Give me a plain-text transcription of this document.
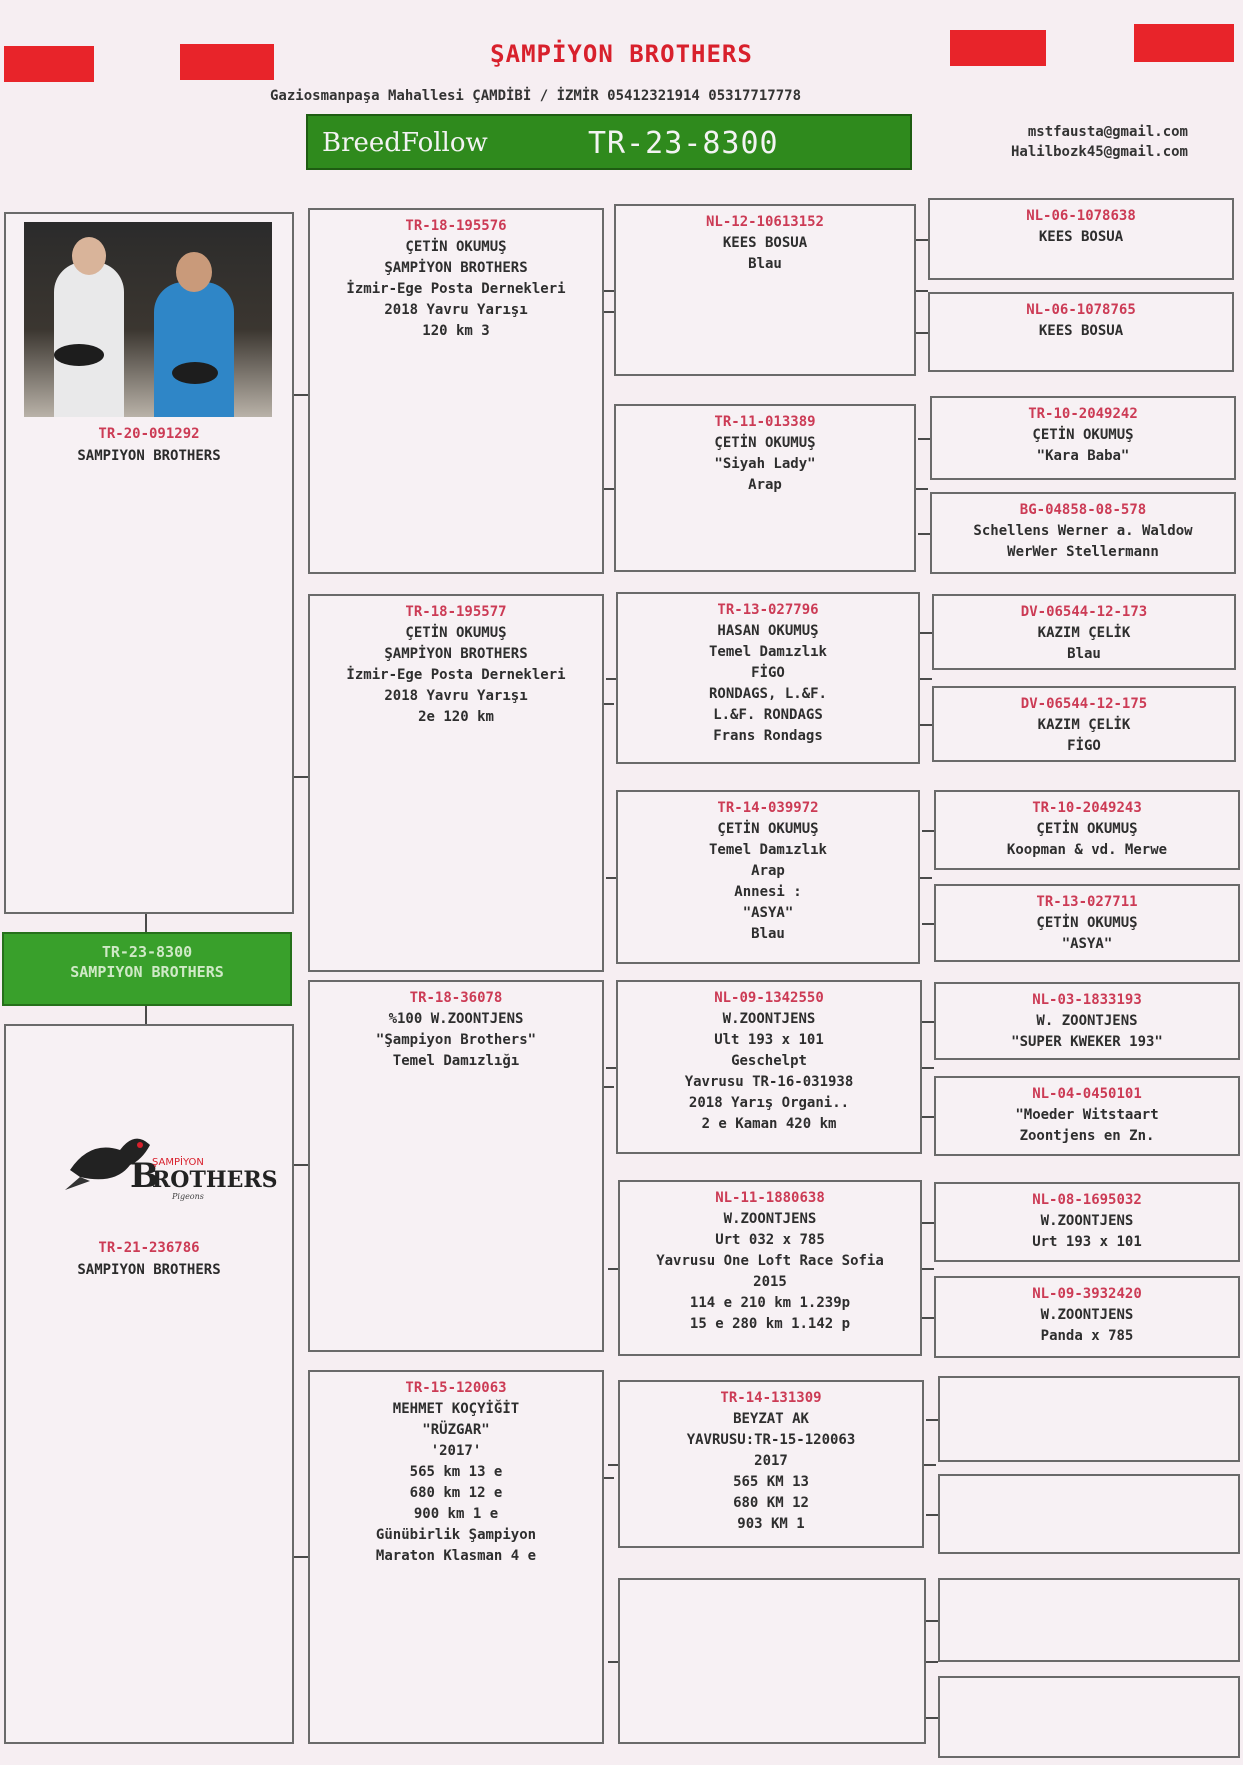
ŞAMPİYON BROTHERS
Gaziosmanpaşa Mahallesi ÇAMDİBİ / İZMİR 05412321914 05317717778
BreedFollow	TR-23-8300	mstfausta@gmail.com
Halilbozk45@gmail.com
TR-20-091292
SAMPIYON BROTHERS
TR-23-8300
SAMPIYON BROTHERS
B
ŞAMPİYON
ROTHERS
Pigeons
TR-21-236786
SAMPIYON BROTHERS
TR-18-195576
ÇETİN OKUMUŞ
ŞAMPİYON BROTHERS
İzmir-Ege Posta Dernekleri
2018 Yavru Yarışı
120 km 3
TR-18-195577
ÇETİN OKUMUŞ
ŞAMPİYON BROTHERS
İzmir-Ege Posta Dernekleri
2018 Yavru Yarışı
2e 120 km
TR-18-36078
%100 W.ZOONTJENS
"Şampiyon Brothers"
Temel Damızlığı
TR-15-120063
MEHMET KOÇYİĞİT
"RÜZGAR"
'2017'
565 km 13 e
680 km 12 e
900 km 1 e
Günübirlik Şampiyon
Maraton Klasman 4 e
NL-12-10613152
KEES BOSUA
Blau
TR-11-013389
ÇETİN OKUMUŞ
"Siyah Lady"
Arap
TR-13-027796
HASAN OKUMUŞ
Temel Damızlık
FİGO
RONDAGS, L.&F.
L.&F. RONDAGS
Frans Rondags
TR-14-039972
ÇETİN OKUMUŞ
Temel Damızlık
Arap
Annesi :
"ASYA"
Blau
NL-09-1342550
W.ZOONTJENS
Ult 193 x 101
Geschelpt
Yavrusu TR-16-031938
2018 Yarış Organi..
2 e Kaman 420 km
NL-11-1880638
W.ZOONTJENS
Urt 032 x 785
Yavrusu One Loft Race Sofia
2015
114 e 210 km 1.239p
15 e 280 km 1.142 p
TR-14-131309
BEYZAT AK
YAVRUSU:TR-15-120063
2017
565 KM 13
680 KM 12
903 KM 1
NL-06-1078638
KEES BOSUA
NL-06-1078765
KEES BOSUA
TR-10-2049242
ÇETİN OKUMUŞ
"Kara Baba"
BG-04858-08-578
Schellens Werner a. Waldow
WerWer Stellermann
DV-06544-12-173
KAZIM ÇELİK
Blau
DV-06544-12-175
KAZIM ÇELİK
FİGO
TR-10-2049243
ÇETİN OKUMUŞ
Koopman & vd. Merwe
TR-13-027711
ÇETİN OKUMUŞ
"ASYA"
NL-03-1833193
W. ZOONTJENS
"SUPER KWEKER 193"
NL-04-0450101
"Moeder Witstaart
Zoontjens en Zn.
NL-08-1695032
W.ZOONTJENS
Urt 193 x 101
NL-09-3932420
W.ZOONTJENS
Panda x 785
